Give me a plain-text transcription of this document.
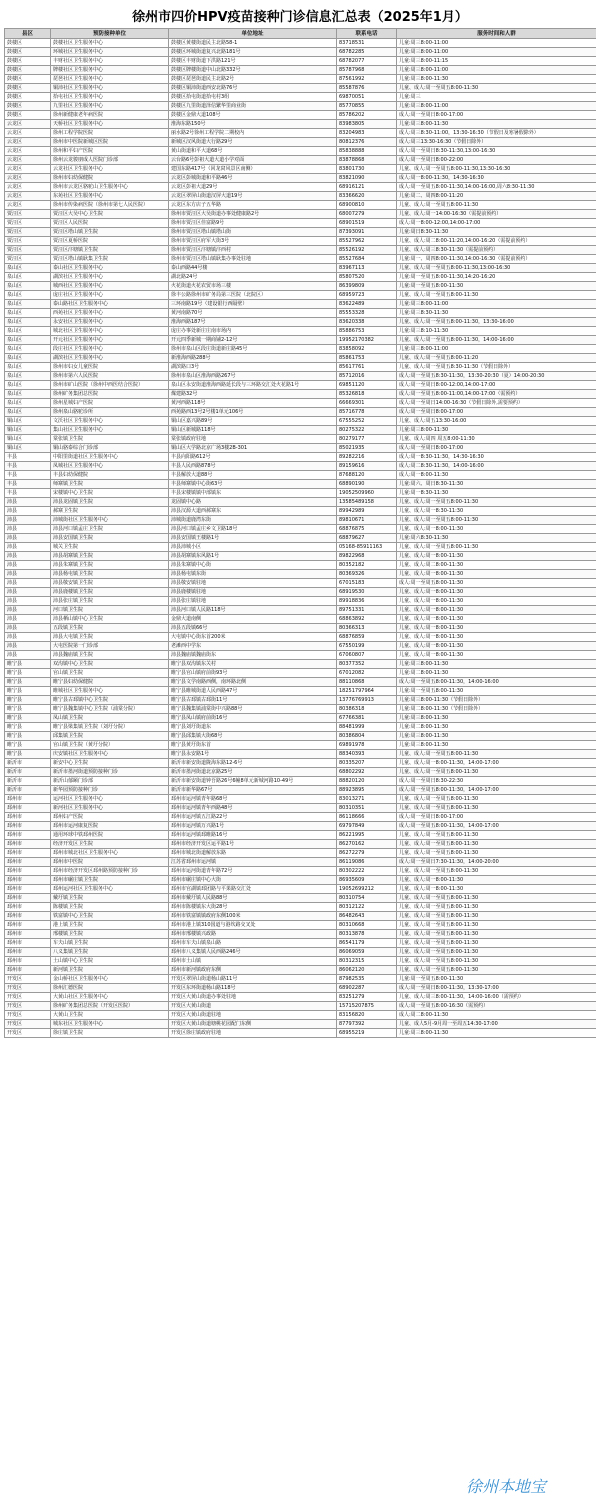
徐州市四价HPV疫苗接种门诊信息汇总表（2025年1月）
县区	预防接种单位	单位地址	联系电话	服务时间和人群
鼓楼区	鼓楼社区卫生服务中心	鼓楼区黄楼街道民主北路58-1	83718531	儿童:周三8:00-11:00
鼓楼区	环城社区卫生服务中心	鼓楼区环城街道复兴北路181号	68782285	儿童:周三8:00-11:00
鼓楼区	丰财社区卫生服务中心	鼓楼区丰财街道下洪路121号	68782077	儿童:周三8:00-11:15
鼓楼区	牌楼社区卫生服务中心	鼓楼区牌楼街道中山北路332号	85787968	儿童:周三8:00-11:00
鼓楼区	琵琶社区卫生服务中心	鼓楼区琵琶街道民主北路2号	87561992	儿童:周三8:00-11:30
鼓楼区	铜沛社区卫生服务中心	鼓楼区铜沛街道西安北路76号	85587876	儿童、成人:周一至周五8:00-11:30
鼓楼区	拾屯社区卫生服务中心	鼓楼区拾屯街道拾屯村3组	69870051	儿童:周三
鼓楼区	九里社区卫生服务中心	鼓楼区九里街道泽信繁华里商业街	85770855	儿童:周三8:00-11:00
鼓楼区	徐州新健康老年病医院	鼓楼区金鼎大道108号	85786202	成人:周一至周日8:00-17:00
云龙区	天桥社区卫生服务中心	淮海东路150号	83983805	儿童:周三8:00-11:30
云龙区	徐州工程学院医院	丽水路2号徐州工程学院二期校内	83204983	成人:周三8:30-11:00，13:30-16:30（节假日及寒暑假除外）
云龙区	徐州市中医院新城区医院	新城区汉风街道大行路29号	80812376	成人:周三13:30-16:30（节假日除外）
云龙区	徐州和平妇产医院	黄山街道和平大道68号	85838888	成人:周一至周日8:30-11:30,13:00-16:30
云龙区	徐州云龙骏朋成人医院门诊部	云台路6号彭祖大道大道小学对面	83878868	成人:周一至周日8:00-22:00
云龙区	云龙社区卫生服务中心	建国东路417号（回龙窝风景区南侧）	83801730	儿童、成人:周一至周五8:00-11:30,13:30-16:30
云龙区	徐州市妇幼保健院	云龙区彭城街道和平路46号	83821090	成人:周一8:00-11:30，14:30-16:30
云龙区	徐州市云龙区骆驼山卫生服务中心	云龙区彭祖大道29号	68916121	成人:周一至周五8:00-11:30,14:00-16:00,周六8:30-11:30
云龙区	东苑社区卫生服务中心	云龙区翠屏山街道汉屏大道19号	83366620	儿童:周二、周四8:00-11:20
云龙区	徐州市传染病医院（徐州市第七人民医院）	云龙区东方店子五华路	68900810	儿童、成人:周一至周五8:00-11:30
贾汪区	贾汪区大吴中心卫生院	徐州市贾汪区大吴街道办事处健康路2号	68007279	儿童、成人:周一14:00-16:30（需提前预约）
贾汪区	贾汪区人民医院	徐州市贾汪区佳富路9号	68901519	成人:周一8:00-12:00,14:00-17:00
贾汪区	贾汪区塔山镇卫生院	徐州市贾汪区塔山镇塔山街	87393091	儿童:周日8:30-11:30
贾汪区	贾汪区夏桥医院	徐州市贾汪区府军大街3号	85527962	儿童、成人:周二8:00-11:20,14:00-16:20（需提前预约）
贾汪区	贾汪区汴塘镇卫生院	徐州市贾汪区汴塘镇汴西村	85526192	儿童、成人:周三8:30-11:30（需提前预约）
贾汪区	贾汪区塔山镇耿集卫生院	徐州市贾汪区塔山镇耿集办事处驻地	85527684	儿童:周一、周四8:00-11:30,14:00-16:30（需提前预约）
泉山区	泰山社区卫生服务中心	泰山西路44号楼	83967113	儿童、成人:周一至周五8:00-11:30,13:00-16:30
泉山区	湖滨社区卫生服务中心	湖北路24号	85807520	儿童:周一至周五8:00-11:30,14:20-16:20
泉山区	城西社区卫生服务中心	火花街道火花农贸市场三楼	86399809	儿童:周一至周五8:00-11:30
泉山区	庞庄社区卫生服务中心	徐丰公路徐州市矿务局第三医院（北院区）	68959723	儿童、成人:周一至周五8:00-11:30
泉山区	泰山路社区卫生服务中心	三环南路19号（建设银行西隔壁）	83622489	儿童:周三8:00-11:00
泉山区	西苑社区卫生服务中心	黄河南路70号	85553328	儿童:周三8:30-11:30
泉山区	永安社区卫生服务中心	淮海西路187号	83620338	儿童、成人:周一至周五8:00-11:30，13:30-16:00
泉山区	城北社区卫生服务中心	庞庄办事处新庄庄南市场内	85886753	儿童:周三8:10-11:30
泉山区	开元社区卫生服务中心	开元四季新城一期商铺2-12号	19952170382	儿童、成人:周一至周五8:00-11:30，14:00-16:00
泉山区	段庄社区卫生服务中心	徐州市泉山区段庄街道新庄路45号	83858092	儿童:周三8:00-11:00
泉山区	湖滨社区卫生服务中心	新淮海西路288号	85861753	儿童、成人:周一至周五8:00-11:20
泉山区	徐州市妇女儿童医院	湖滨路口3号	85617761	儿童、成人:周一至周五8:30-11:30（节假日除外）
泉山区	徐州市第六人民医院	徐州市泉山区淮海西路267号	85712016	成人:周一至周五8:30-11:30，13:30-20:30（夏）14:00-20:30
泉山区	徐州市矿山医院（徐州中西医结合医院）	泉山区永安街道淮海西路延长段与三环路交汇处火花路1号	69851120	成人:周一至周日8:00-12:00,14:00-17:00
泉山区	徐州矿务集团总医院	煤建路32号	85326818	成人:周一至周五8:00-11:00,14:00-17:00（需预约）
泉山区	徐州星城妇产医院	黄河西路118号	66669301	成人:周一至周日14:00-16:30（节假日除外,需要预约）
泉山区	徐州泉山骆驼诊所	西苑路西13号2号楼1单元106号	85716778	成人:周一至周日8:00-17:00
铜山区	文沃社区卫生服务中心	铜山区嘉兴路89号	67555252	儿童、成人:周五13:30-16:00
铜山区	集山社区卫生服务中心	铜山区新城路118号	80275322	儿童:周三8:00-11:30
铜山区	棠张镇卫生院	棠张镇政府驻地	80279177	儿童、成人:周四 周五8:00-11:30
铜山区	铜山骆泰综合门诊部	铜山区大学路北京广场3楼2B-301	85021935	成人:周一至周日8:00-17:00
丰县	中阳里街道社区卫生服务中心	丰县向阳路612号	89282216	成人:周一8:30-11:30，14:30-16:30
丰县	凤城社区卫生服务中心	丰县人民西路878号	89159616	成人:周二8:30-11:30，14:00-16:00
丰县	丰县妇幼保健院	丰县解放大道88号	87688120	成人:周一8:00-11:30
丰县	师寨镇卫生院	丰县师寨镇中心街63号	68890190	儿童:周六、周日8:30-11:30
丰县	宋楼镇中心卫生院	丰县宋楼镇镇中部镇东	19052509960	儿童:周一8:30-11:30
沛县	沛县龙固镇卫生院	龙固镇中心路	13585489158	儿童、成人:周一至周五8:00-11:30
沛县	郝寨卫生院	沛县汉源大道西郝寨东	89942989	儿童、成人:周一8:30-11:30
沛县	沛城街社区卫生服务中心	沛城街道鹿湾东街	89810671	儿童、成人:周一至周五8:00-11:30
沛县	沛县河口镇孟庄卫生院	沛县河口镇孟庄乡文卫路18号	68876875	儿童、成人:周一8:00-11:30
沛县	沛县安国镇卫生院	沛县安国镇王楼路1号	68879627	儿童:周六8:30-11:30
沛县	城关卫生院	沛县沛城小区	05168-85911163	儿童、成人:周一至周五8:00-11:30
沛县	沛县胡寨镇卫生院	沛县胡寨镇东风路1号	89822968	儿童、成人:周一8:00-11:30
沛县	沛县朱寨镇卫生院	沛县朱寨镇中心街	80352182	儿童、成人:周二8:00-11:30
沛县	沛县杨屯镇卫生院	沛县杨屯镇东街	80369326	儿童、成人:周一8:00-11:30
沛县	沛县敬安镇卫生院	沛县敬安镇驻地	67015183	成人:周一至周五8:00-11:30
沛县	沛县鹿楼镇卫生院	沛县鹿楼镇驻地	68919530	儿童、成人:周一8:00-11:30
沛县	沛县张庄镇卫生院	沛县张庄镇驻地	89918836	儿童、成人:周一8:00-11:30
沛县	河口镇卫生院	沛县河口镇人民路118号	89751331	儿童、成人:周一8:00-11:30
沛县	沛县栖山镇中心卫生院	金鼎大道南侧	68863892	儿童、成人:周一8:00-11:30
沛县	五段镇卫生院	沛县五段镇66号	80366313	儿童、成人:周一8:00-11:30
沛县	沛县大屯镇卫生院	大屯镇中心街东首200米	68876859	儿童、成人:周一8:00-11:30
沛县	大屯医院第一门诊部	老滩西中学东	67550199	儿童、成人:周一8:00-11:30
沛县	沛县魏庙镇卫生院	沛县魏庙镇魏庙街东	67060807	儿童、成人:周一8:00-11:30
睢宁县	双沟镇中心卫生院	睢宁县双沟镇东关村	80377352	儿童:周三8:00-11:30
睢宁县	官山镇卫生院	睢宁县官山镇府前街93号	67012082	儿童:周二8:00-11:30
睢宁县	睢宁县妇幼保健院	睢宁县文学南路西侧，南环路北侧	88110868	成人:周一至周五8:00-11:30，14:00-16:00
睢宁县	睢城社区卫生服务中心	睢宁县睢城街道人民西路47号	18251797964	儿童:周一至周五8:00-11:30
睢宁县	睢宁县古邳镇中心卫生院	睢宁县古邳镇古邳街11号	13776769913	儿童:周三8:00-11:30（节假日除外）
睢宁县	睢宁县魏集镇中心卫生院（浦棠分院）	睢宁县魏集镇浦棠街中兴路88号	80386318	儿童:周二8:00-11:30（节假日除外）
睢宁县	凤山镇卫生院	睢宁县凤山镇府前街16号	67766381	儿童:周三8:00-11:30
睢宁县	睢宁县梁集镇卫生院（刘圩分院）	睢宁县刘圩街道东	88481999	儿童:周二8:00-11:30
睢宁县	邱集镇卫生院	睢宁县邱集镇大街68号	80386804	儿童:周三8:00-11:30
睢宁县	官山镇卫生院（黄圩分院）	睢宁县黄圩街东首	69891978	儿童:周三8:00-11:30
睢宁县	庆安镇社区卫生服务中心	睢宁县永安路1号	88340393	儿童、成人:周一至周五8:00-11:30
新沂市	新安中心卫生院	新沂市新安街道陇海东路12-6号	80335207	儿童、成人:周一8:00-11:30，14:00-17:00
新沂市	新沂市墨河街道预防接种门诊	新沂市墨河街道北京路25号	68802292	儿童、成人:周一至周五8:00-11:30
新沂市	新沂山郁颐门诊部	新沂市新安街道钟吾路26号6幢8单元新城河路10-49号	88820120	成人:周一至周日8:30-22:30
新沂市	新华园预防接种门诊	新沂市新华路67号	88923895	成人:周一至周五8:00-11:30，14:00-17:00
邳州市	运河社区卫生服务中心	邳州市运河镇青年路68号	83013271	儿童、成人:周一至周五8:00-11:30
邳州市	新河社区卫生服务中心	邳州市运河镇青年西路48号	80310351	儿童、成人:周一至周五8:00-11:30
邳州市	邳州妇产医院	邳州市运河镇五江路22号	86118666	成人:周一至周日8:00-17:00
邳州市	邳州市运河康复医院	邳州市运河镇万兴路1号	69797849	成人:周一至周五8:00-11:30，14:00-17:00
邳州市	通用环球中铁邳州医院	邳州市运河镇邳睢路16号	86221995	儿童、成人:周一至周五8:00-11:30
邳州市	经济开发区卫生院	邳州市经济开发区运平路1号	86270162	儿童、成人:周一至周五8:00-11:30
邳州市	邳州市城北社区卫生服务中心	邳州市城北街道解放东路	86272279	儿童、成人:周一至周五8:00-11:30
邳州市	邳州市中医院	江苏省邳州市运河镇	86119086	成人:周一至周日7:30-11:30，14:00-20:00
邳州市	邳州市经济开发区邳州路预防接种门诊	邳州市运河街道青年路72号	80302222	儿童、成人:周一至周五8:00-11:30
邳州市	邳州市碾庄镇卫生院	邳州市碾庄镇中心大街	86935609	儿童、成人:周一8:00-11:30
邳州市	邳州运河社区卫生服务中心	邳州市官湖镇邳团路与平果路交汇处	19052699212	儿童、成人:周一8:00-11:30
邳州市	戴圩镇卫生院	邳州市戴圩镇人民路88号	80310754	儿童、成人:周一至周五8:00-11:30
邳州市	陈楼镇卫生院	邳州市陈楼镇东大街28号	80312122	儿童、成人:周一至周五8:00-11:30
邳州市	铁富镇中心卫生院	邳州市铁富镇镇政府东侧100米	86482643	儿童、成人:周一至周五8:00-11:30
邳州市	港上镇卫生院	邳州市港上镇310国道与港坎路交叉处	80310668	儿童、成人:周一至周五8:00-11:30
邳州市	邢楼镇卫生院	邳州市邢楼镇兴政路	80313878	儿童、成人:周一至周五8:00-11:30
邳州市	车夫山镇卫生院	邳州市车夫山镇泉山路	86541179	儿童、成人:周一至周五8:00-11:30
邳州市	八义集镇卫生院	邳州市八义集镇人民西路246号	86069059	儿童、成人:周一至周五8:00-11:30
邳州市	土山镇中心卫生院	邳州市土山镇	80312315	儿童、成人:周一至周五8:00-11:30
邳州市	新河镇卫生院	邳州市新河镇政府东侧	86062120	儿童、成人:周一至周五8:00-11:30
开发区	金山桥社区卫生服务中心	开发区翠屏山街道杨山路11号	87982535	儿童:周一至周五8:00-11:30
开发区	徐州汇德医院	开发区东环街道杨山路118号	68902287	成人:周一至周日8:00-11:30，13:30-17:00
开发区	大黄山社区卫生服务中心	开发区大黄山街道办事处驻地	83251279	儿童、成人:周三8:00-11:30，14:00-16:00（需预约）
开发区	徐州矿务集团总医院（开发区医院）	开发区大黄山街道	15715207875	成人:周一至周五8:00-16:30（需预约）
开发区	大黄山卫生院	开发区大黄山街道驻地	83156820	成人:周二8:00-11:30
开发区	城东社区卫生服务中心	开发区大黄山街道塘桃花园配门东侧	87797392	儿童、成人5月-9月周一至周五14:30-17:00
开发区	徐庄镇卫生院	开发区徐庄镇政府驻地	68955219	儿童:周三8:00-11:30
徐州本地宝
